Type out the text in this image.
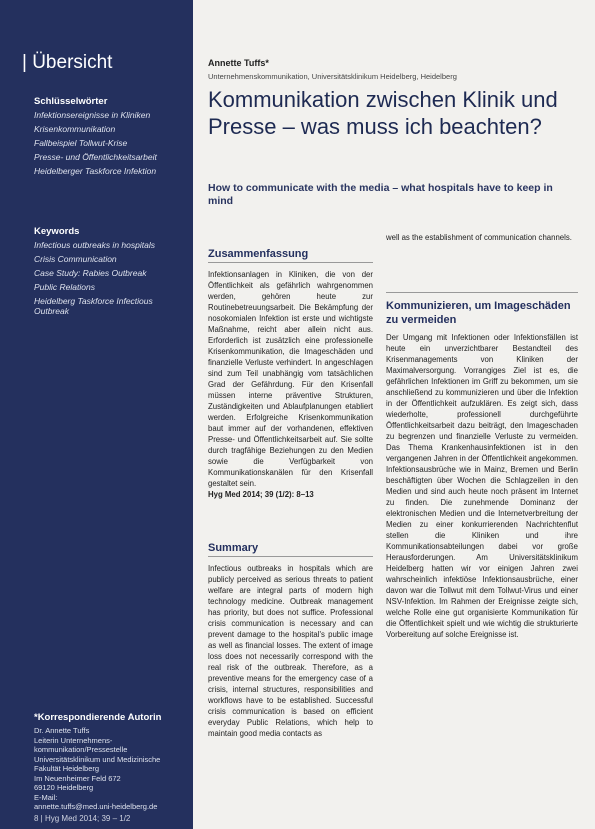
| Übersicht
Schlüsselwörter
Infektionsereignisse in Kliniken
Krisenkommunikation
Fallbeispiel Tollwut-Krise
Presse- und Öffentlichkeitsarbeit
Heidelberger Taskforce Infektion
Keywords
Infectious outbreaks in hospitals
Crisis Communication
Case Study: Rabies Outbreak
Public Relations
Heidelberg Taskforce Infectious Outbreak
*Korrespondierende Autorin
Dr. Annette Tuffs
Leiterin Unternehmens-
kommunikation/Pressestelle
Universitätsklinikum und Medizinische
Fakultät Heidelberg
Im Neuenheimer Feld 672
69120 Heidelberg
E-Mail:
annette.tuffs@med.uni-heidelberg.de
8 | Hyg Med 2014; 39 – 1/2
Annette Tuffs*
Unternehmenskommunikation, Universitätsklinikum Heidelberg, Heidelberg
Kommunikation zwischen Klinik und Presse – was muss ich beachten?
How to communicate with the media – what hospitals have to keep in mind
Zusammenfassung

Infektionsanlagen in Kliniken, die von der Öffentlichkeit als gefährlich wahrgenommen werden, gehören heute zur Routinebetreuungsarbeit. Die Bekämpfung der nosokomialen Infektion ist erste und wichtigste Maßnahme, reicht aber allein nicht aus. Erforderlich ist zusätzlich eine professionelle Krisenkommunikation, die Imageschäden und finanzielle Verluste verhindert. In angeschlagen sind zum Teil unabhängig vom tatsächlichen Grad der Gefährdung. Für den Krisenfall müssen interne präventive Strukturen, Zuständigkeiten und Ablaufplanungen etabliert werden. Erfolgreiche Krisenkommunikation baut immer auf der vorhandenen, effektiven Presse- und Öffentlichkeitsarbeit auf. Sie sollte durch tragfähige Beziehungen zu den Medien sowie die Verfügbarkeit von Kommunikationskanälen für den Krisenfall gestaltet sein.

Hyg Med 2014; 39 (1/2): 8–13
Summary

Infectious outbreaks in hospitals which are publicly perceived as serious threats to patient welfare are integral parts of modern high technology medicine. Outbreak management has priority, but does not suffice. Professional crisis communication is necessary and can prevent damage to the hospital's public image as well as financial losses. The extent of image loss does not necessarily correspond with the real risk of the outbreak. Therefore, as a preventive means for the emergency case of a crisis, internal structures, responsibilities and workflows have to be established. Successful crisis communication is based on efficient everyday Public Relations, which help to maintain good media contacts as

well as the establishment of communication channels.

Kommunizieren, um Imageschäden zu vermeiden

Der Umgang mit Infektionen oder Infektionsfällen ist heute ein unverzichtbarer Bestandteil des Krisenmanagements von Kliniken der Maximalversorgung. Vorrangiges Ziel ist es, die gefährlichen Infektionen im Griff zu bekommen, um sie anschließend zu kommunizieren und über die Infektion in der Öffentlichkeit aufzuklären. Es zeigt sich, dass wiederholte, professionell durchgeführte Öffentlichkeitsarbeit dazu beiträgt, den Imageschaden zu begrenzen und finanzielle Verluste zu vermeiden. Das Thema Krankenhausinfektionen ist in den vergangenen Jahren in der Öffentlichkeit angekommen. Infektionsausbrüche wie in Mainz, Bremen und Berlin beschäftigten über Wochen die Schlagzeilen in den Medien und sind auch heute noch präsent im Internet zu finden. Die zunehmende Dominanz der elektronischen Medien und die Internetverbreitung der Medien zu einer konkurrierenden Nachrichtenflut stellen die Kliniken und ihre Kommunikationsabteilungen dabei vor große Herausforderungen. Am Universitätsklinikum Heidelberg hatten wir vor einigen Jahren zwei wahrscheinlich infektiöse Infektionsausbrüche, einer davon war die Tollwut mit dem Tollwut-Virus und einer NSV-Infektion. Im Rahmen der Ereignisse zeigte sich, welche Rolle eine gut organisierte Kommunikation für die Öffentlichkeit spielt und wie wichtig die strukturierte Vorbereitung auf solche Ereignisse ist.
